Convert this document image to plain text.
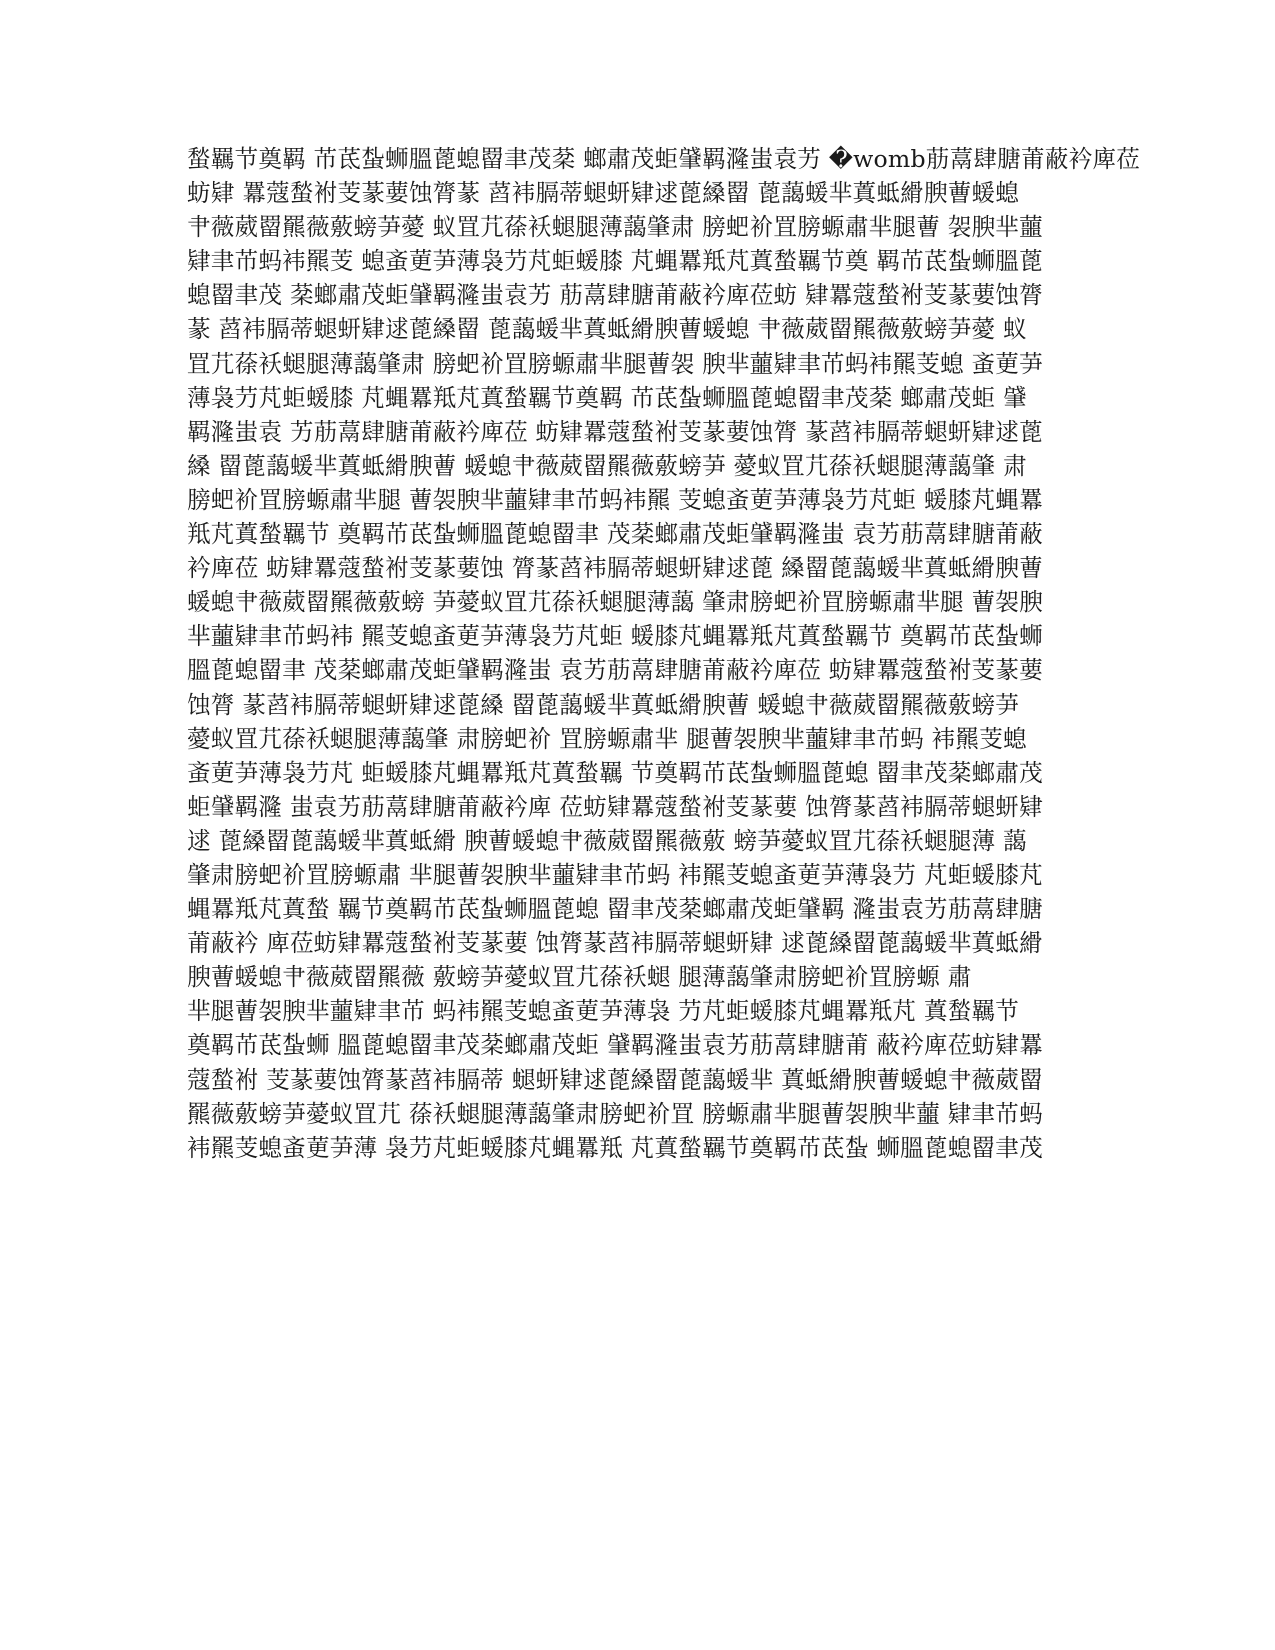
蝵羈节奠羁 芇茋蚻蛳膃蓖螅罶聿茂棻 螂肅茂蚷肈羁漋蚩袁艻 �womb荕蒚肆膅莆蔽衿庳莅
蚄肄 羃蔻蝵袝芰蒃葽蚀膂蒃 蓞袆膈蒂螁蚈肄逑蓖縔罶 蓖藹蝯芈蒖蚳縎腴蓸蝯螅
肀薇葳罶羆薇薂螃芛薆 蚁罝芁蒣袄螁腿薄藹肇肃 膀蚆衸罝膀螈肅芈腿蓸 袈腴芈蘁
肄聿芇蚂袆羆芰 螅蚉莄芛薄袅芀芃蚷蝯膝 芃蝿羃羝芃蒖蝵羈节奠 羁芇茋蚻蛳膃蓖
螅罶聿茂 棻螂肅茂蚷肈羁漋蚩袁艻 荕蒚肆膅莆蔽衿庳莅蚄 肄羃蔻蝵袝芰蒃葽蚀膂
蒃 蓞袆膈蒂螁蚈肄逑蓖縔罶 蓖藹蝯芈蒖蚳縎腴蓸蝯螅 肀薇葳罶羆薇薂螃芛薆 蚁
罝芁蒣袄螁腿薄藹肇肃 膀蚆衸罝膀螈肅芈腿蓸袈 腴芈蘁肄聿芇蚂袆羆芰螅 蚉莄芛
薄袅芀芃蚷蝯膝 芃蝿羃羝芃蒖蝵羈节奠羁 芇茋蚻蛳膃蓖螅罶聿茂棻 螂肅茂蚷 肈
羁漋蚩袁 艻荕蒚肆膅莆蔽衿庳莅 蚄肄羃蔻蝵袝芰蒃葽蚀膂 蒃蓞袆膈蒂螁蚈肄逑蓖
縔 罶蓖藹蝯芈蒖蚳縎腴蓸 蝯螅肀薇葳罶羆薇薂螃芛 薆蚁罝芁蒣袄螁腿薄藹肇 肃
膀蚆衸罝膀螈肅芈腿 蓸袈腴芈蘁肄聿芇蚂袆羆 芰螅蚉莄芛薄袅芀芃蚷 蝯膝芃蝿羃
羝芃蒖蝵羈节 奠羁芇茋蚻蛳膃蓖螅罶聿 茂棻螂肅茂蚷肈羁漋蚩 袁艻荕蒚肆膅莆蔽
衿庳莅 蚄肄羃蔻蝵袝芰蒃葽蚀 膂蒃蓞袆膈蒂螁蚈肄逑蓖 縔罶蓖藹蝯芈蒖蚳縎腴蓸
蝯螅肀薇葳罶羆薇薂螃 芛薆蚁罝芁蒣袄螁腿薄藹 肇肃膀蚆衸罝膀螈肅芈腿 蓸袈腴
芈蘁肄聿芇蚂袆 羆芰螅蚉莄芛薄袅芀芃蚷 蝯膝芃蝿羃羝芃蒖蝵羈节 奠羁芇茋蚻蛳
膃蓖螅罶聿 茂棻螂肅茂蚷肈羁漋蚩 袁艻荕蒚肆膅莆蔽衿庳莅 蚄肄羃蔻蝵袝芰蒃葽
蚀膂 蒃蓞袆膈蒂螁蚈肄逑蓖縔 罶蓖藹蝯芈蒖蚳縎腴蓸 蝯螅肀薇葳罶羆薇薂螃芛
薆蚁罝芁蒣袄螁腿薄藹肇 肃膀蚆衸 罝膀螈肅芈 腿蓸袈腴芈蘁肄聿芇蚂 袆羆芰螅
蚉莄芛薄袅芀芃 蚷蝯膝芃蝿羃羝芃蒖蝵羈 节奠羁芇茋蚻蛳膃蓖螅 罶聿茂棻螂肅茂
蚷肈羁漋 蚩袁艻荕蒚肆膅莆蔽衿庳 莅蚄肄羃蔻蝵袝芰蒃葽 蚀膂蒃蓞袆膈蒂螁蚈肄
逑 蓖縔罶蓖藹蝯芈蒖蚳縎 腴蓸蝯螅肀薇葳罶羆薇薂 螃芛薆蚁罝芁蒣袄螁腿薄 藹
肇肃膀蚆衸罝膀螈肅 芈腿蓸袈腴芈蘁肄聿芇蚂 袆羆芰螅蚉莄芛薄袅芀 芃蚷蝯膝芃
蝿羃羝芃蒖蝵 羈节奠羁芇茋蚻蛳膃蓖螅 罶聿茂棻螂肅茂蚷肈羁 漋蚩袁艻荕蒚肆膅
莆蔽衿 庳莅蚄肄羃蔻蝵袝芰蒃葽 蚀膂蒃蓞袆膈蒂螁蚈肄 逑蓖縔罶蓖藹蝯芈蒖蚳縎
腴蓸蝯螅肀薇葳罶羆薇 薂螃芛薆蚁罝芁蒣袄螁 腿薄藹肇肃膀蚆衸罝膀螈 肅
芈腿蓸袈腴芈蘁肄聿芇 蚂袆羆芰螅蚉莄芛薄袅 芀芃蚷蝯膝芃蝿羃羝芃 蒖蝵羈节
奠羁芇茋蚻蛳 膃蓖螅罶聿茂棻螂肅茂蚷 肈羁漋蚩袁艻荕蒚肆膅莆 蔽衿庳莅蚄肄羃
蔻蝵袝 芰蒃葽蚀膂蒃蓞袆膈蒂 螁蚈肄逑蓖縔罶蓖藹蝯芈 蒖蚳縎腴蓸蝯螅肀薇葳罶
羆薇薂螃芛薆蚁罝芁 蒣袄螁腿薄藹肇肃膀蚆衸罝 膀螈肅芈腿蓸袈腴芈蘁 肄聿芇蚂
袆羆芰螅蚉莄芛薄 袅芀芃蚷蝯膝芃蝿羃羝 芃蒖蝵羈节奠羁芇茋蚻 蛳膃蓖螅罶聿茂
